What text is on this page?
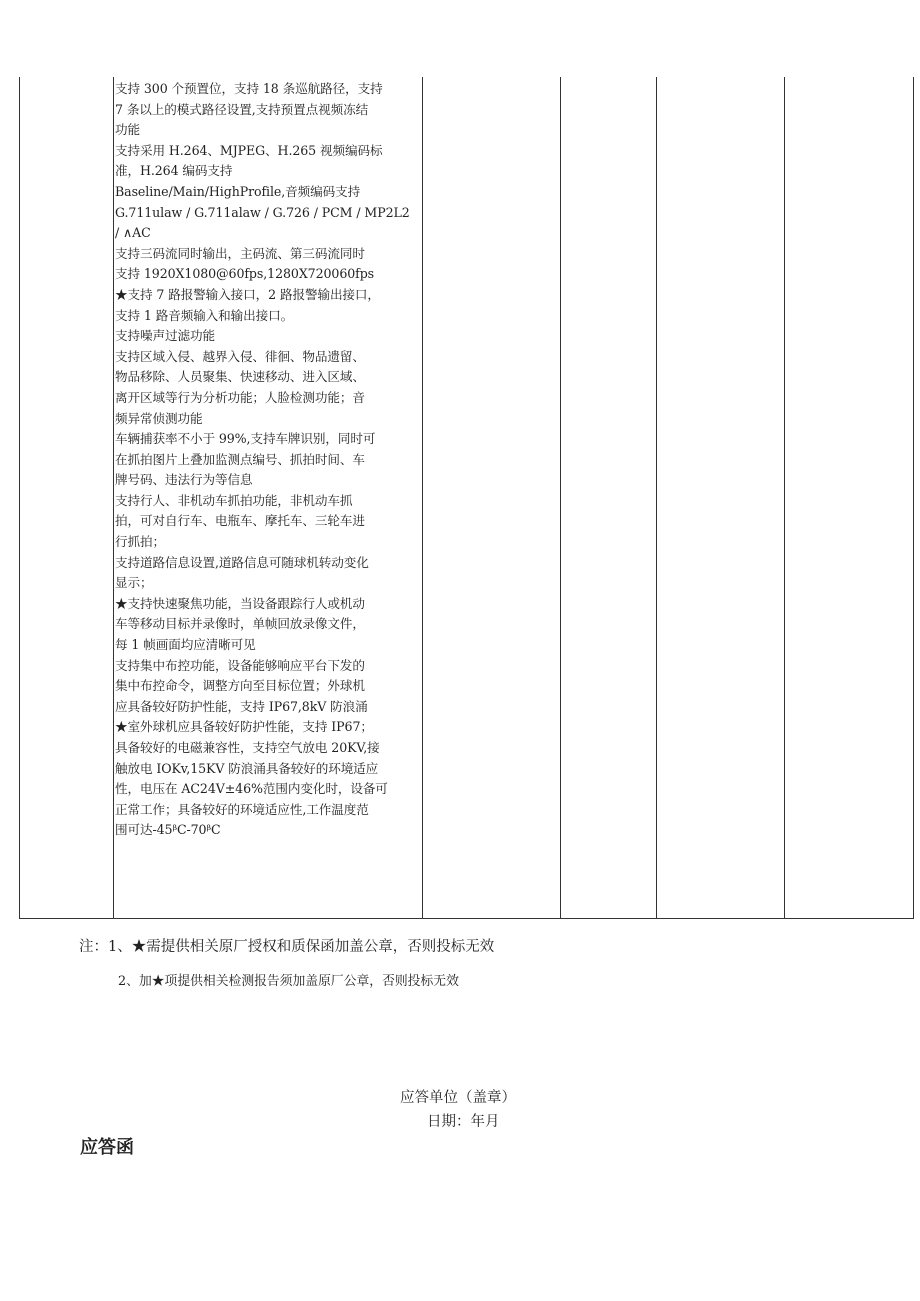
支持 300 个预置位，支持 18 条巡航路径，支持
7 条以上的模式路径设置,支持预置点视频冻结
功能
支持采用 H.264、MJPEG、H.265 视频编码标
准，H.264 编码支持
Baseline/Main/HighProfile,音频编码支持
G.711ulaw / G.711alaw / G.726 / PCM / MP2L2
/ ∧AC
支持三码流同时输出，主码流、第三码流同时
支持 1920X1080@60fps,1280X720060fps
★支持 7 路报警输入接口，2 路报警输出接口，
支持 1 路音频输入和输出接口。
支持噪声过滤功能
支持区域入侵、越界入侵、徘徊、物品遗留、
物品移除、人员聚集、快速移动、进入区域、
离开区域等行为分析功能；人脸检测功能；音
频异常侦测功能
车辆捕获率不小于 99%,支持车牌识别，同时可
在抓拍图片上叠加监测点编号、抓拍时间、车
牌号码、违法行为等信息
支持行人、非机动车抓拍功能，非机动车抓
拍，可对自行车、电瓶车、摩托车、三轮车进
行抓拍；
支持道路信息设置,道路信息可随球机转动变化
显示；
★支持快速聚焦功能，当设备跟踪行人或机动
车等移动目标并录像时，单帧回放录像文件，
每 1 帧画面均应清晰可见
支持集中布控功能，设备能够响应平台下发的
集中布控命令，调整方向至目标位置；外球机
应具备较好防护性能，支持 IP67,8kV 防浪涌
★室外球机应具备较好防护性能，支持 IP67；
具备较好的电磁兼容性，支持空气放电 20KV,接
触放电 IOKv,15KV 防浪涌具备较好的环境适应
性，电压在 AC24V±46%范围内变化时，设备可
正常工作；具备较好的环境适应性,工作温度范
围可达-45ᵝC-70ᵝC
注：1、★需提供相关原厂授权和质保函加盖公章，否则投标无效
2、加★项提供相关检测报告须加盖原厂公章，否则投标无效
应答单位（盖章）
日期：年月
应答函
